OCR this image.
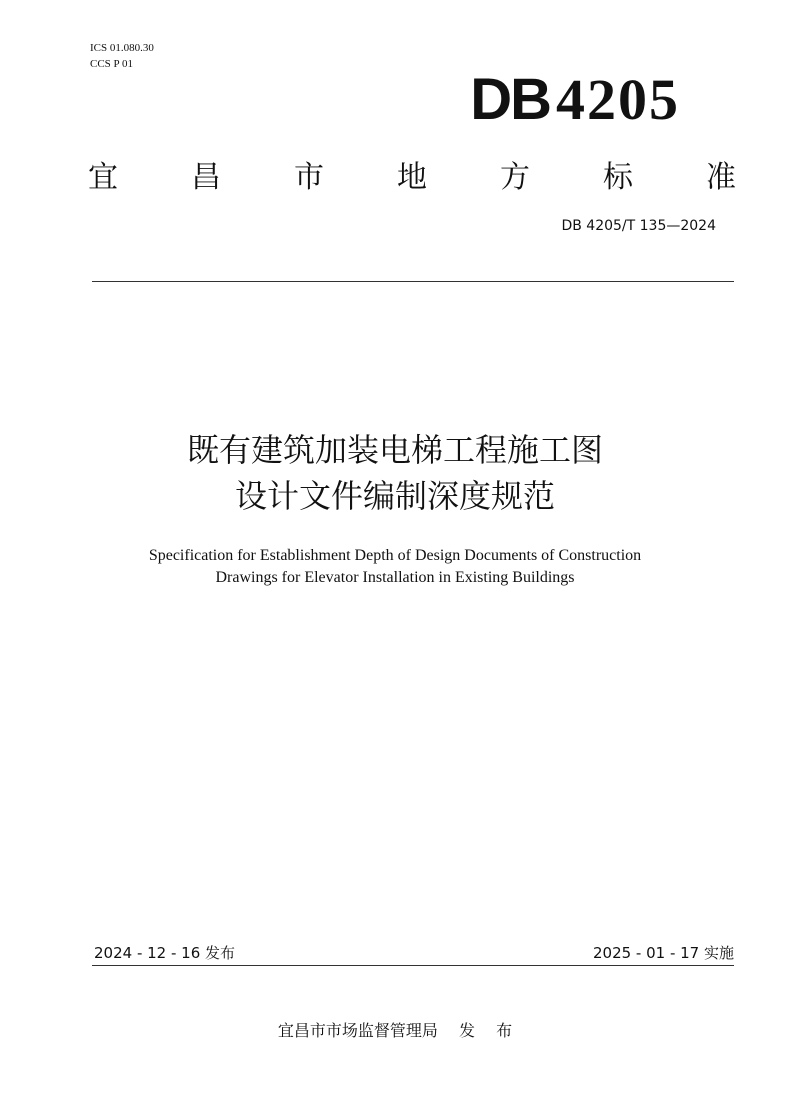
ICS 01.080.30
CCS P 01
DB 4205
宜 昌 市 地 方 标 准
DB 4205/T 135—2024
既有建筑加装电梯工程施工图
设计文件编制深度规范
Specification for Establishment Depth of Design Documents of Construction
Drawings for Elevator Installation in Existing Buildings
2024 - 12 - 16 发布	2025 - 01 - 17 实施
宜昌市市场监督管理局 发 布
